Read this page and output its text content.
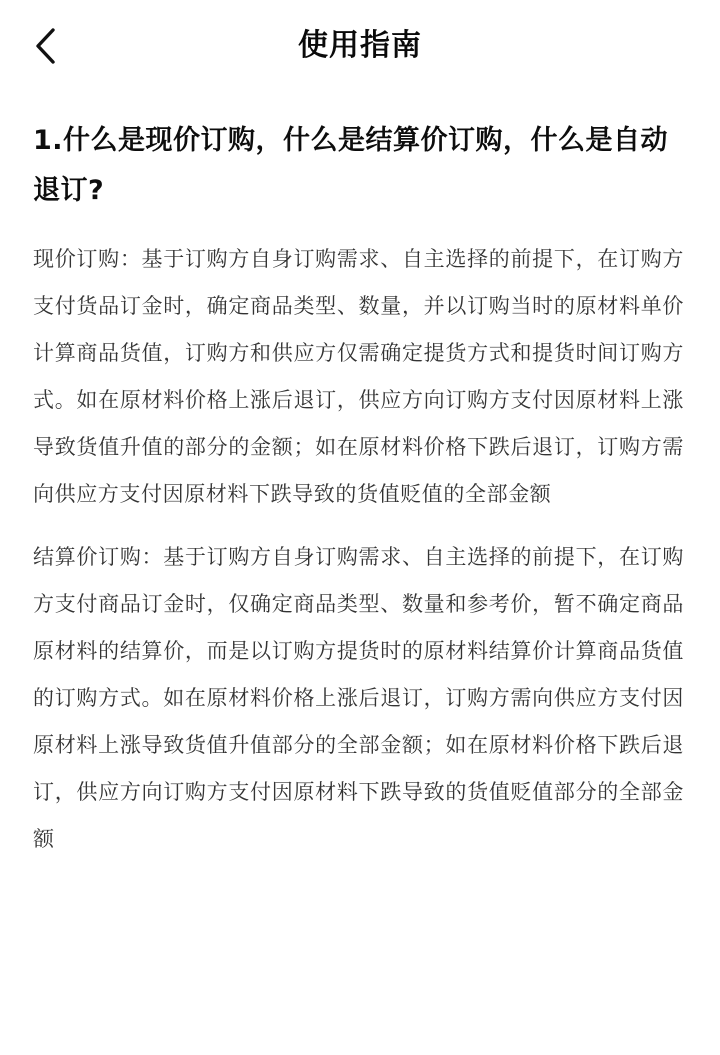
使用指南
1.什么是现价订购，什么是结算价订购，什么是自动退订?

现价订购：基于订购方自身订购需求、自主选择的前提下，在订购方支付货品订金时，确定商品类型、数量，并以订购当时的原材料单价计算商品货值，订购方和供应方仅需确定提货方式和提货时间订购方式。如在原材料价格上涨后退订，供应方向订购方支付因原材料上涨导致货值升值的部分的金额；如在原材料价格下跌后退订，订购方需向供应方支付因原材料下跌导致的货值贬值的全部金额

结算价订购：基于订购方自身订购需求、自主选择的前提下，在订购方支付商品订金时，仅确定商品类型、数量和参考价，暂不确定商品原材料的结算价，而是以订购方提货时的原材料结算价计算商品货值的订购方式。如在原材料价格上涨后退订，订购方需向供应方支付因原材料上涨导致货值升值部分的全部金额；如在原材料价格下跌后退订，供应方向订购方支付因原材料下跌导致的货值贬值部分的全部金额
